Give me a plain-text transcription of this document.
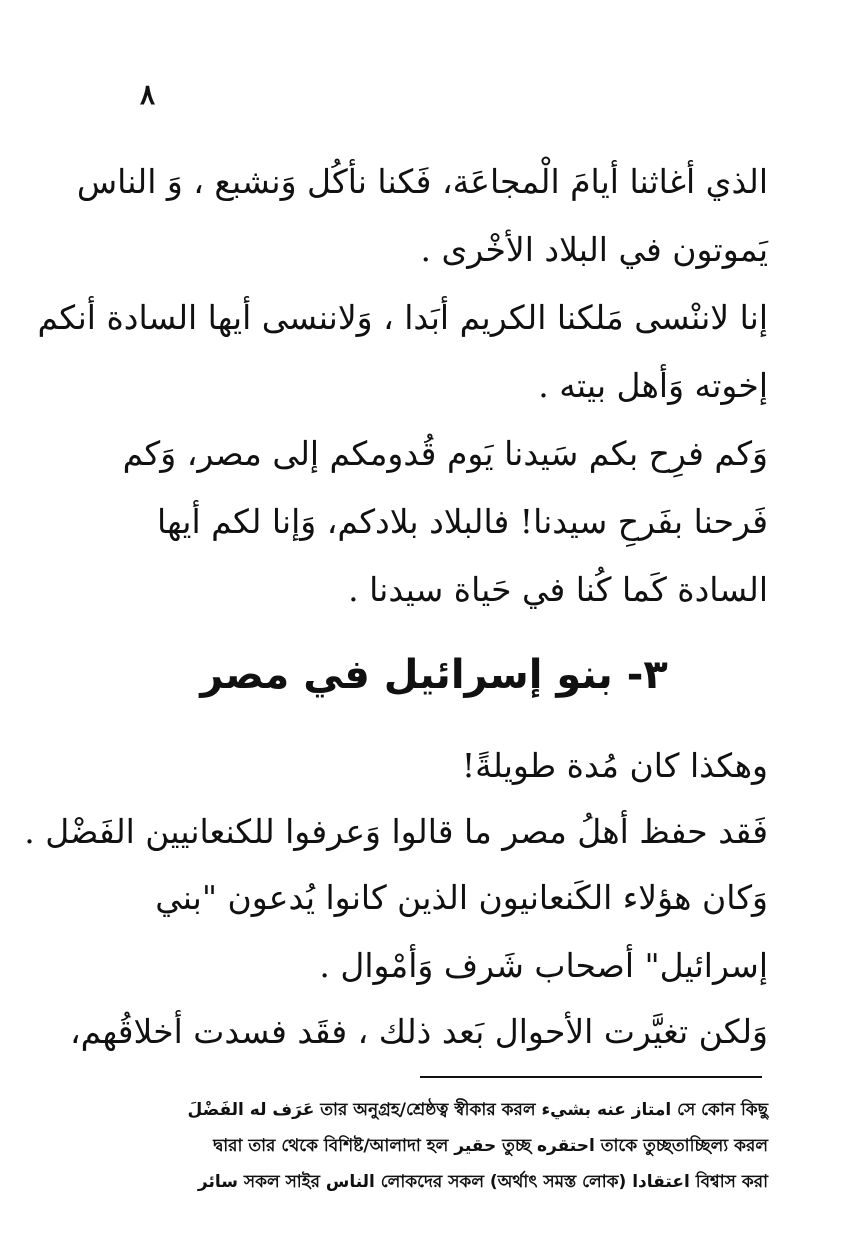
٨
الذي أغاثنا أيامَ الْمجاعَة، فَكنا نأكُل وَنشبع ، وَ الناس
يَموتون في البلاد الأخْرى .
إنا لاننْسى مَلكنا الكريم أبَدا ، وَلاننسى أيها السادة أنكم
إخوته وَأهل بيته .
وَكم فرِح بكم سَيدنا يَوم قُدومكم إلى مصر، وَكم
فَرحنا بفَرحِ سيدنا! فالبلاد بلادكم، وَإنا لكم أيها
السادة كَما كُنا في حَياة سيدنا .
٣- بنو إسرائيل في مصر
وهكذا كان مُدة طويلةً!
فَقد حفظ أهلُ مصر ما قالوا وَعرفوا للكنعانيين الفَضْل .
وَكان هؤلاء الكَنعانيون الذين كانوا يُدعون "بني
إسرائيل" أصحاب شَرف وَأمْوال .
وَلكن تغيَّرت الأحوال بَعد ذلك ، فقَد فسدت أخلاقُهم،
عَرَف له الفَضْلَ তার অনুগ্রহ/শ্রেষ্ঠত্ব স্বীকার করল امتاز عنه بشيء সে কোন কিছু
দ্বারা তার থেকে বিশিষ্ট/আলাদা হল حقير তুচ্ছ احتقره তাকে তুচ্ছতাচ্ছিল্য করল
سائر সকল সাইর الناس লোকদের সকল (অর্থাৎ সমস্ত লোক) اعتقادا বিশ্বাস করা
